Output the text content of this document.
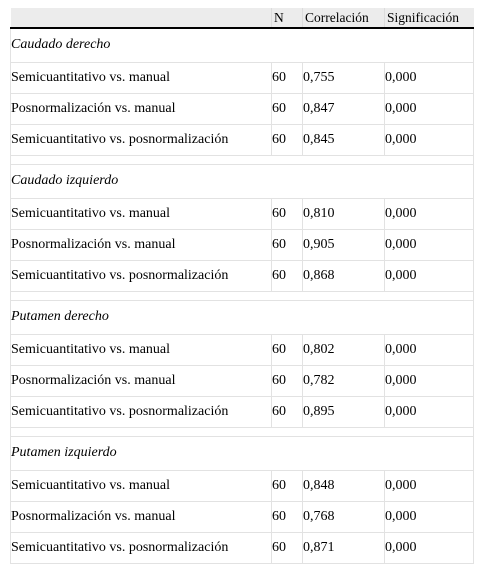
	N	Correlación	Significación
Caudado derecho			
Semicuantitativo vs. manual	60	0,755	0,000
Posnormalización vs. manual	60	0,847	0,000
Semicuantitativo vs. posnormalización	60	0,845	0,000

Caudado izquierdo			
Semicuantitativo vs. manual	60	0,810	0,000
Posnormalización vs. manual	60	0,905	0,000
Semicuantitativo vs. posnormalización	60	0,868	0,000

Putamen derecho			
Semicuantitativo vs. manual	60	0,802	0,000
Posnormalización vs. manual	60	0,782	0,000
Semicuantitativo vs. posnormalización	60	0,895	0,000

Putamen izquierdo			
Semicuantitativo vs. manual	60	0,848	0,000
Posnormalización vs. manual	60	0,768	0,000
Semicuantitativo vs. posnormalización	60	0,871	0,000
